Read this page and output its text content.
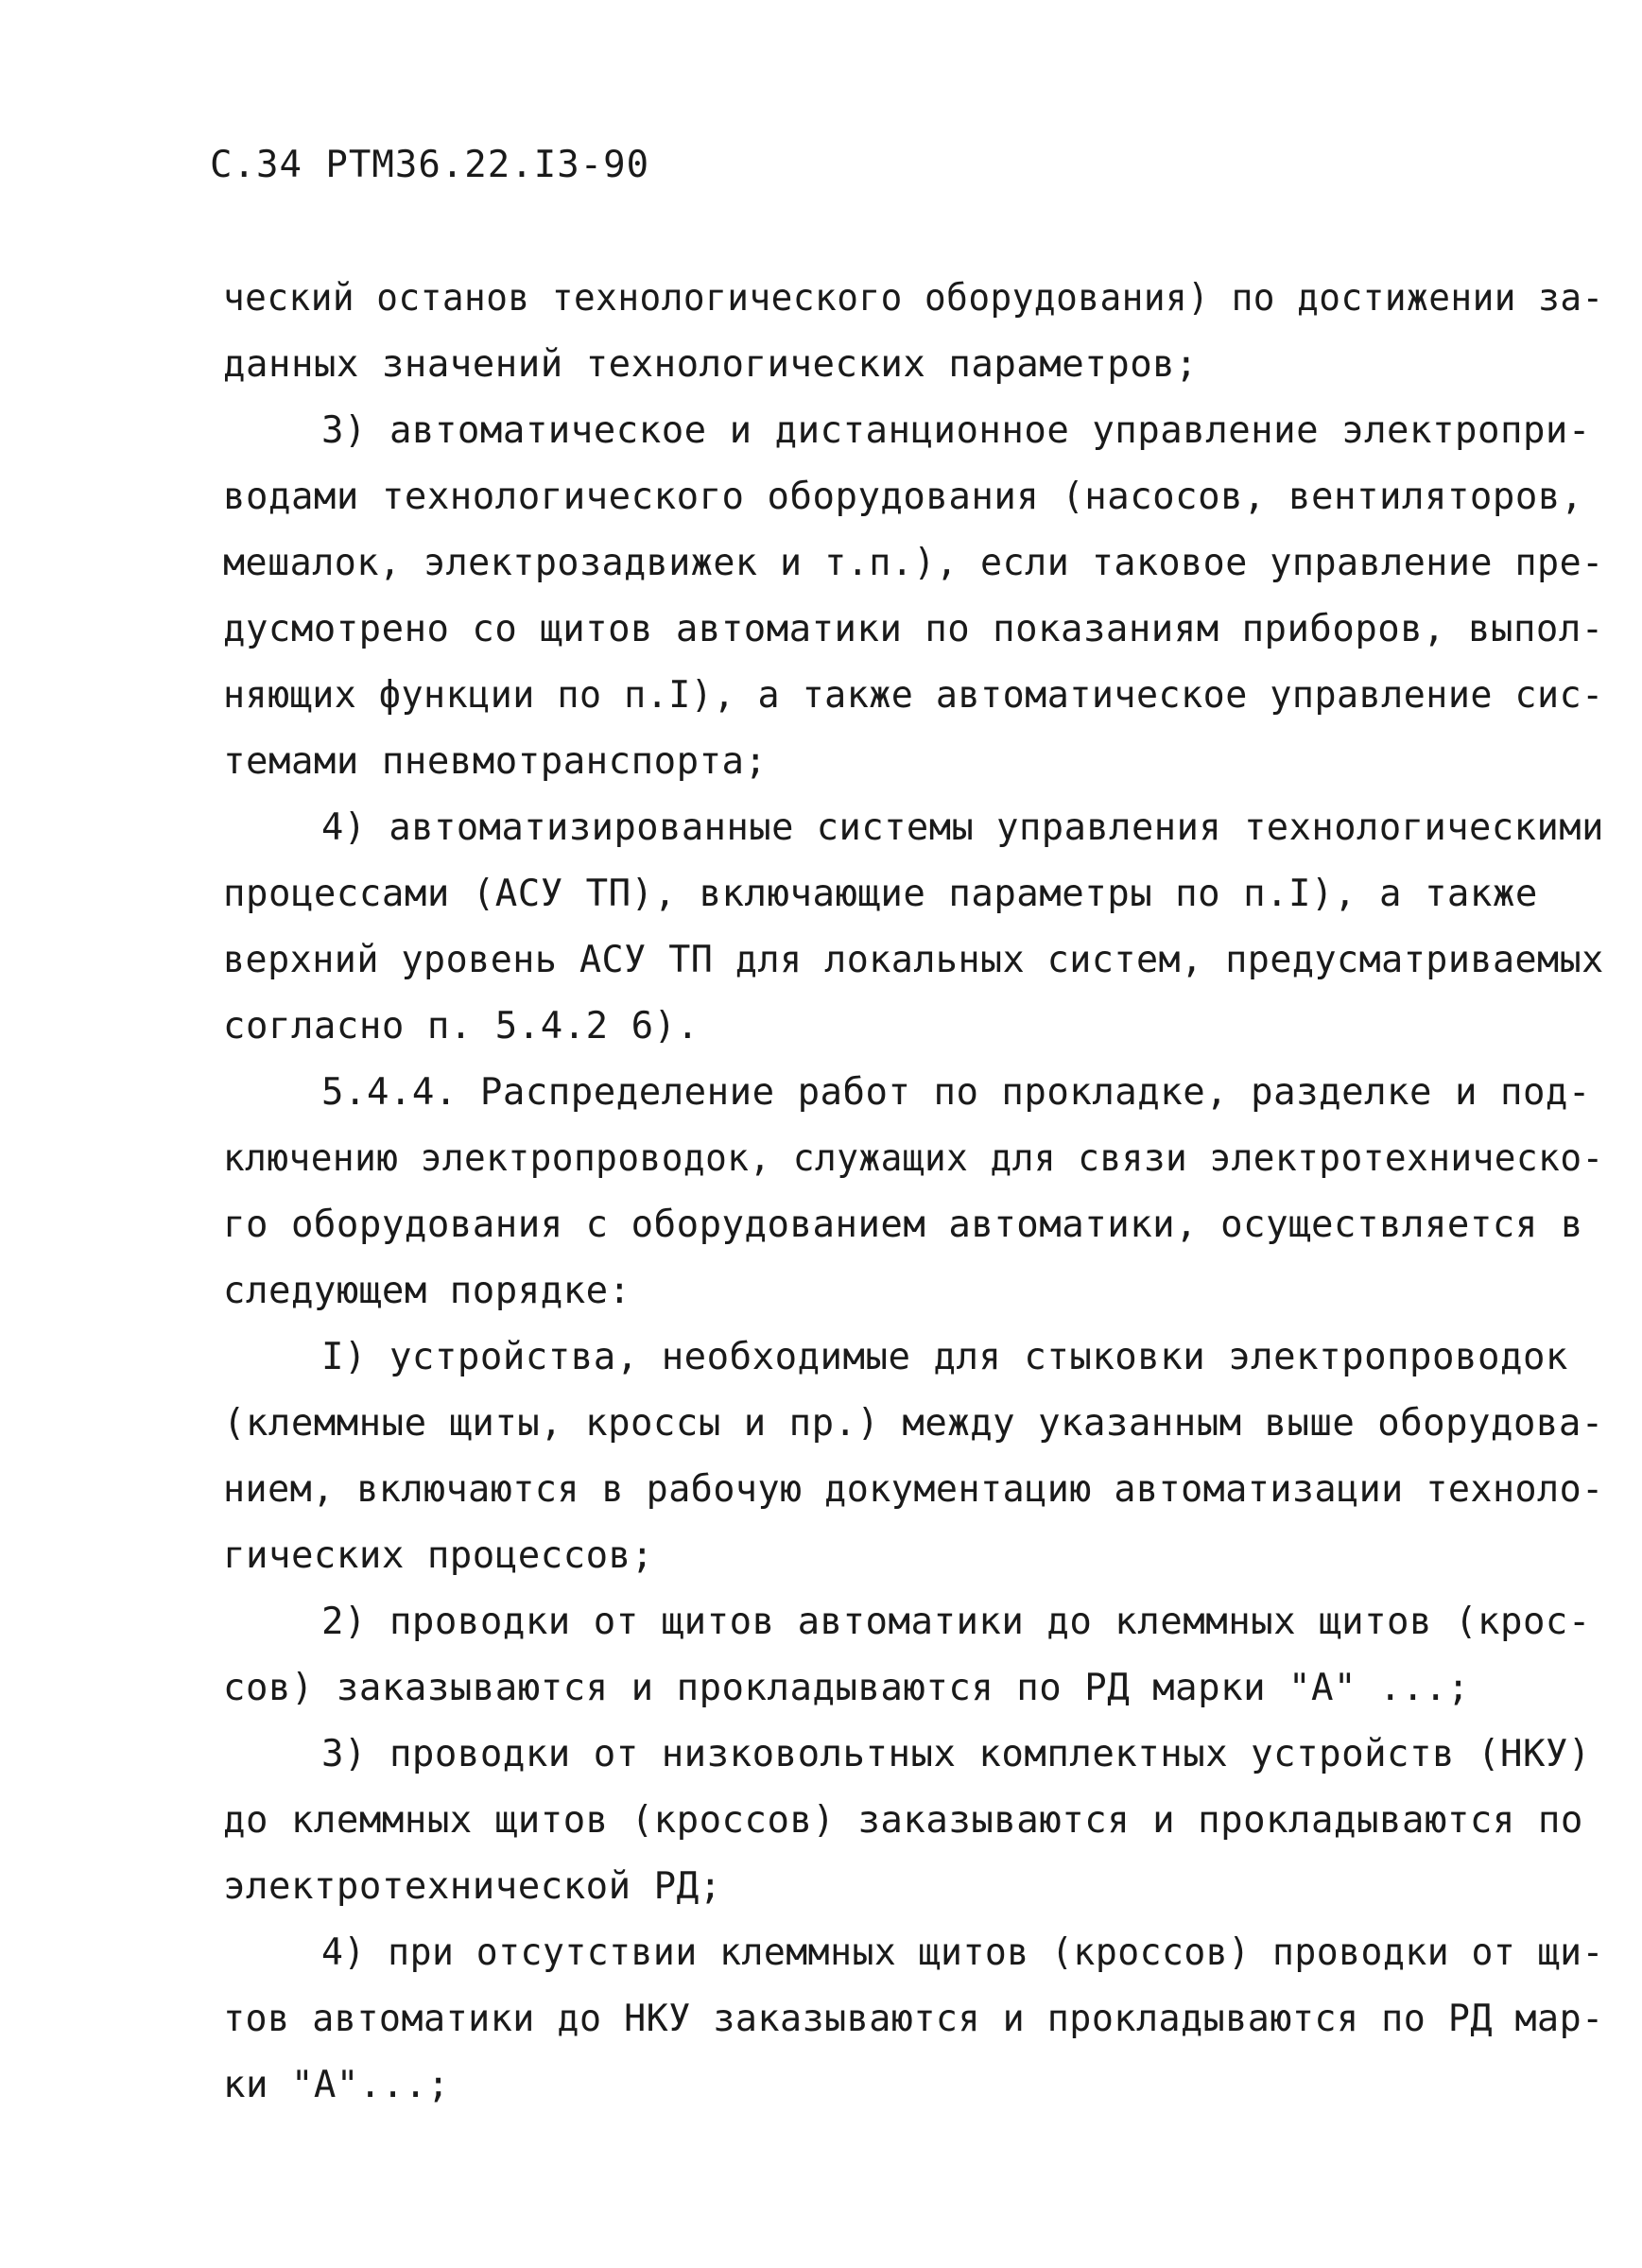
С.34 РТМ36.22.I3-90
ческий останов технологического оборудования) по достижении за-
данных значений технологических параметров;
3) автоматическое и дистанционное управление электропри-
водами технологического оборудования (насосов, вентиляторов,
мешалок, электрозадвижек и т.п.), если таковое управление пре-
дусмотрено со щитов автоматики по показаниям приборов, выпол-
няющих функции по п.I), а также автоматическое управление сис-
темами пневмотранспорта;
4) автоматизированные системы управления технологическими
процессами (АСУ ТП), включающие параметры по п.I), а также
верхний уровень АСУ ТП для локальных систем, предусматриваемых
согласно п. 5.4.2 6).
5.4.4. Распределение работ по прокладке, разделке и под-
ключению электропроводок, служащих для связи электротехническо-
го оборудования с оборудованием автоматики, осуществляется в
следующем порядке:
I) устройства, необходимые для стыковки электропроводок
(клеммные щиты, кроссы и пр.) между указанным выше оборудова-
нием, включаются в рабочую документацию автоматизации техноло-
гических процессов;
2) проводки от щитов автоматики до клеммных щитов (крос-
сов) заказываются и прокладываются по РД марки "А" ...;
3) проводки от низковольтных комплектных устройств (НКУ)
до клеммных щитов (кроссов) заказываются и прокладываются по
электротехнической РД;
4) при отсутствии клеммных щитов (кроссов) проводки от щи-
тов автоматики до НКУ заказываются и прокладываются по РД мар-
ки "А"...;
